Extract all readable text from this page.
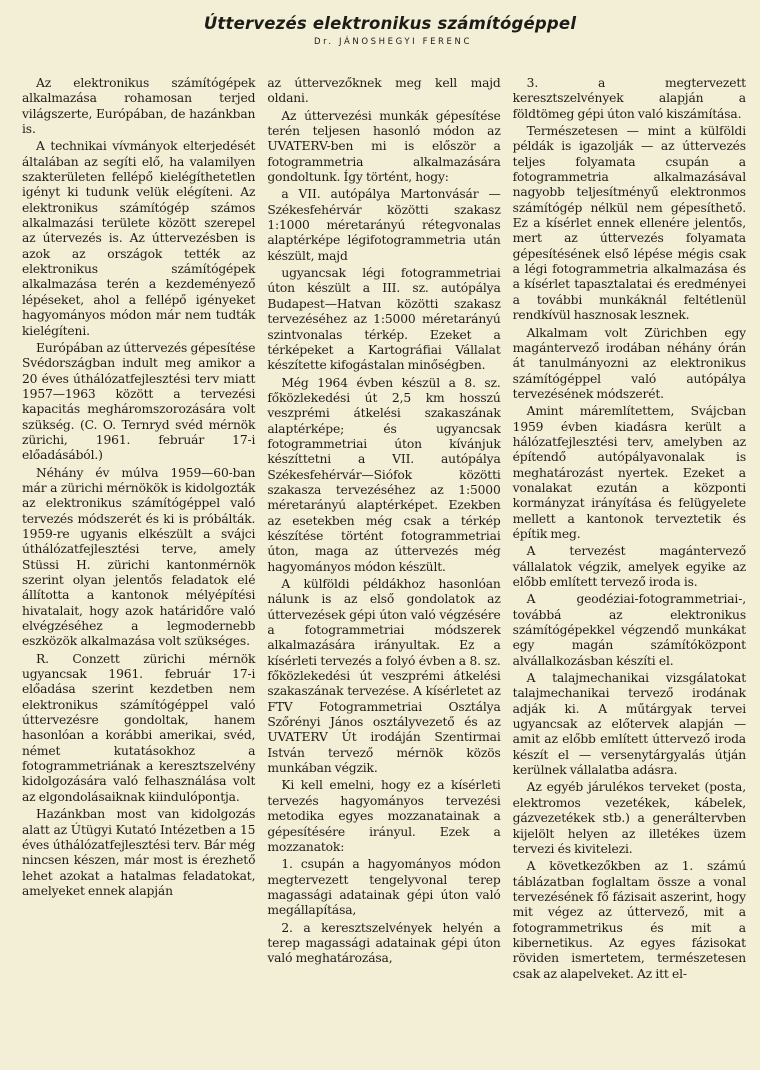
Úttervezés elektronikus számítógéppel

Dr. JÁNOSHEGYI FERENC

Az elektronikus számítógépek alkalmazása rohamosan terjed világszerte, Európában, de hazánkban is.

A technikai vívmányok elterjedését általában az segíti elő, ha valamilyen szakterületen fellépő kielégíthetetlen igényt ki tudunk velük elégíteni. Az elektronikus számítógép számos alkalmazási területe között szerepel az útervezés is. Az úttervezésben is azok az országok tették az elektronikus számítógépek alkalmazása terén a kezdeményező lépéseket, ahol a fellépő igényeket hagyományos módon már nem tudták kielégíteni.

Európában az úttervezés gépesítése Svédországban indult meg amikor a 20 éves úthálózatfejlesztési terv miatt 1957—1963 között a tervezési kapacitás megháromszorozására volt szükség. (C. O. Ternryd svéd mérnök zürichi, 1961. február 17-i előadásából.)

Néhány év múlva 1959—60-ban már a zürichi mérnökök is kidolgozták az elektronikus számítógéppel való tervezés módszerét és ki is próbálták. 1959-re ugyanis elkészült a svájci úthálózatfejlesztési terve, amely Stüssi H. zürichi kantonmérnök szerint olyan jelentős feladatok elé állította a kantonok mélyépítési hivatalait, hogy azok határidőre való elvégzéséhez a legmodernebb eszközök alkalmazása volt szükséges.

R. Conzett zürichi mérnök ugyancsak 1961. február 17-i előadása szerint kezdetben nem elektronikus számítógéppel való úttervezésre gondoltak, hanem hasonlóan a korábbi amerikai, svéd, német kutatásokhoz a fotogrammetriának a keresztszelvény kidolgozására való felhasználása volt az elgondolásaiknak kiindulópontja.

Hazánkban most van kidolgozás alatt az Útügyi Kutató Intézetben a 15 éves úthálózatfejlesztési terv. Bár még nincsen készen, már most is érezhető lehet azokat a hatalmas feladatokat, amelyeket ennek alapján

az úttervezőknek meg kell majd oldani.

Az úttervezési munkák gépesítése terén teljesen hasonló módon az UVATERV-ben mi is először a fotogrammetria alkalmazására gondoltunk. Így történt, hogy:

a VII. autópálya Martonvásár — Székesfehérvár közötti szakasz 1:1000 méretarányú rétegvonalas alaptérképe légifotogrammetria után készült, majd

ugyancsak légi fotogrammetriai úton készült a III. sz. autópálya Budapest—Hatvan közötti szakasz tervezéséhez az 1:5000 méretarányú szintvonalas térkép. Ezeket a térképeket a Kartográfiai Vállalat készítette kifogástalan minőségben.

Még 1964 évben készül a 8. sz. főközlekedési út 2,5 km hosszú veszprémi átkelési szakaszának alaptérképe; és ugyancsak fotogrammetriai úton kívánjuk készíttetni a VII. autópálya Székesfehérvár—Siófok közötti szakasza tervezéséhez az 1:5000 méretarányú alaptérképet. Ezekben az esetekben még csak a térkép készítése történt fotogrammetriai úton, maga az úttervezés még hagyományos módon készült.

A külföldi példákhoz hasonlóan nálunk is az első gondolatok az úttervezések gépi úton való végzésére a fotogrammetriai módszerek alkalmazására irányultak. Ez a kísérleti tervezés a folyó évben a 8. sz. főközlekedési út veszprémi átkelési szakaszának tervezése. A kísérletet az FTV Fotogrammetriai Osztálya Szőrényi János osztályvezető és az UVATERV Út irodáján Szentirmai István tervező mérnök közös munkában végzik.

Ki kell emelni, hogy ez a kísérleti tervezés hagyományos tervezési metodika egyes mozzanatainak a gépesítésére irányul. Ezek a mozzanatok:

1. csupán a hagyományos módon megtervezett tengelyvonal terep magassági adatainak gépi úton való megállapítása,

2. a keresztszelvények helyén a terep magassági adatainak gépi úton való meghatározása,

3. a megtervezett keresztszelvények alapján a földtömeg gépi úton való kiszámítása.

Természetesen — mint a külföldi példák is igazolják — az úttervezés teljes folyamata csupán a fotogrammetria alkalmazásával nagyobb teljesítményű elektronmos számítógép nélkül nem gépesíthető. Ez a kísérlet ennek ellenére jelentős, mert az úttervezés folyamata gépesítésének első lépése mégis csak a légi fotogrammetria alkalmazása és a kísérlet tapasztalatai és eredményei a további munkáknál feltétlenül rendkívül hasznosak lesznek.

Alkalmam volt Zürichben egy magántervező irodában néhány órán át tanulmányozni az elektronikus számítógéppel való autópálya tervezésének módszerét.

Amint máremlítettem, Svájcban 1959 évben kiadásra került a hálózatfejlesztési terv, amelyben az építendő autópályavonalak is meghatározást nyertek. Ezeket a vonalakat ezután a központi kormányzat irányítása és felügyelete mellett a kantonok terveztetik és építik meg.

A tervezést magántervező vállalatok végzik, amelyek egyike az előbb említett tervező iroda is.

A geodéziai-fotogrammetriai-, továbbá az elektronikus számítógépekkel végzendő munkákat egy magán számítóközpont alvállalkozásban készíti el.

A talajmechanikai vizsgálatokat talajmechanikai tervező irodának adják ki. A műtárgyak tervei ugyancsak az előtervek alapján — amit az előbb említett úttervező iroda készít el — versenytárgyalás útján kerülnek vállalatba adásra.

Az egyéb járulékos terveket (posta, elektromos vezetékek, kábelek, gázvezetékek stb.) a generáltervben kijelölt helyen az illetékes üzem tervezi és kivitelezi.

A következőkben az 1. számú táblázatban foglaltam össze a vonal tervezésének fő fázisait aszerint, hogy mit végez az úttervező, mit a fotogrammetrikus és mit a kibernetikus. Az egyes fázisokat röviden ismertetem, természetesen csak az alapelveket. Az itt el-
